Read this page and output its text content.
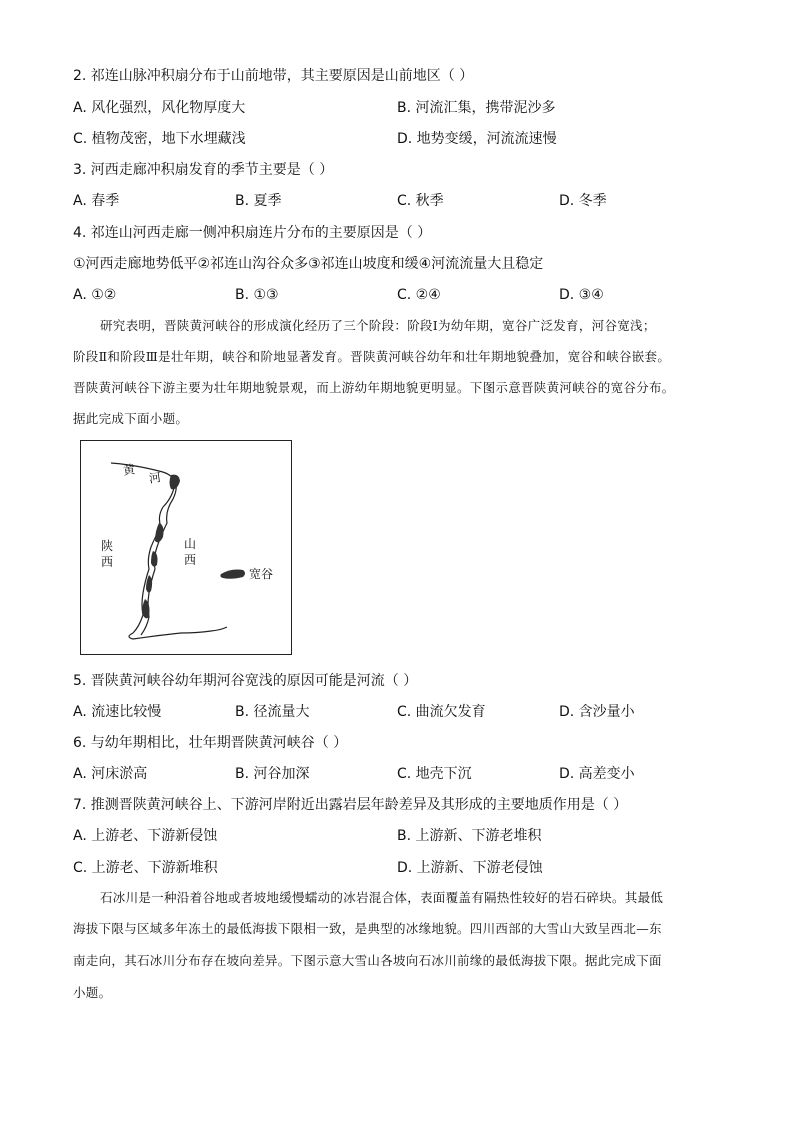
2. 祁连山脉冲积扇分布于山前地带，其主要原因是山前地区（ ）
A. 风化强烈，风化物厚度大	B. 河流汇集，携带泥沙多
C. 植物茂密，地下水埋藏浅	D. 地势变缓，河流流速慢
3. 河西走廊冲积扇发育的季节主要是（ ）
A. 春季	B. 夏季	C. 秋季	D. 冬季
4. 祁连山河西走廊一侧冲积扇连片分布的主要原因是（ ）
①河西走廊地势低平②祁连山沟谷众多③祁连山坡度和缓④河流流量大且稳定
A. ①②	B. ①③	C. ②④	D. ③④
研究表明，晋陕黄河峡谷的形成演化经历了三个阶段：阶段Ⅰ为幼年期，宽谷广泛发育，河谷宽浅；
阶段Ⅱ和阶段Ⅲ是壮年期，峡谷和阶地显著发育。晋陕黄河峡谷幼年和壮年期地貌叠加，宽谷和峡谷嵌套。
晋陕黄河峡谷下游主要为壮年期地貌景观，而上游幼年期地貌更明显。下图示意晋陕黄河峡谷的宽谷分布。
据此完成下面小题。
黄
河
陕
西
山
西
宽谷
5. 晋陕黄河峡谷幼年期河谷宽浅的原因可能是河流（ ）
A. 流速比较慢	B. 径流量大	C. 曲流欠发育	D. 含沙量小
6. 与幼年期相比，壮年期晋陕黄河峡谷（ ）
A. 河床淤高	B. 河谷加深	C. 地壳下沉	D. 高差变小
7. 推测晋陕黄河峡谷上、下游河岸附近出露岩层年龄差异及其形成的主要地质作用是（ ）
A. 上游老、下游新侵蚀	B. 上游新、下游老堆积
C. 上游老、下游新堆积	D. 上游新、下游老侵蚀
石冰川是一种沿着谷地或者坡地缓慢蠕动的冰岩混合体，表面覆盖有隔热性较好的岩石碎块。其最低
海拔下限与区域多年冻土的最低海拔下限相一致，是典型的冰缘地貌。四川西部的大雪山大致呈西北—东
南走向，其石冰川分布存在坡向差异。下图示意大雪山各坡向石冰川前缘的最低海拔下限。据此完成下面
小题。
